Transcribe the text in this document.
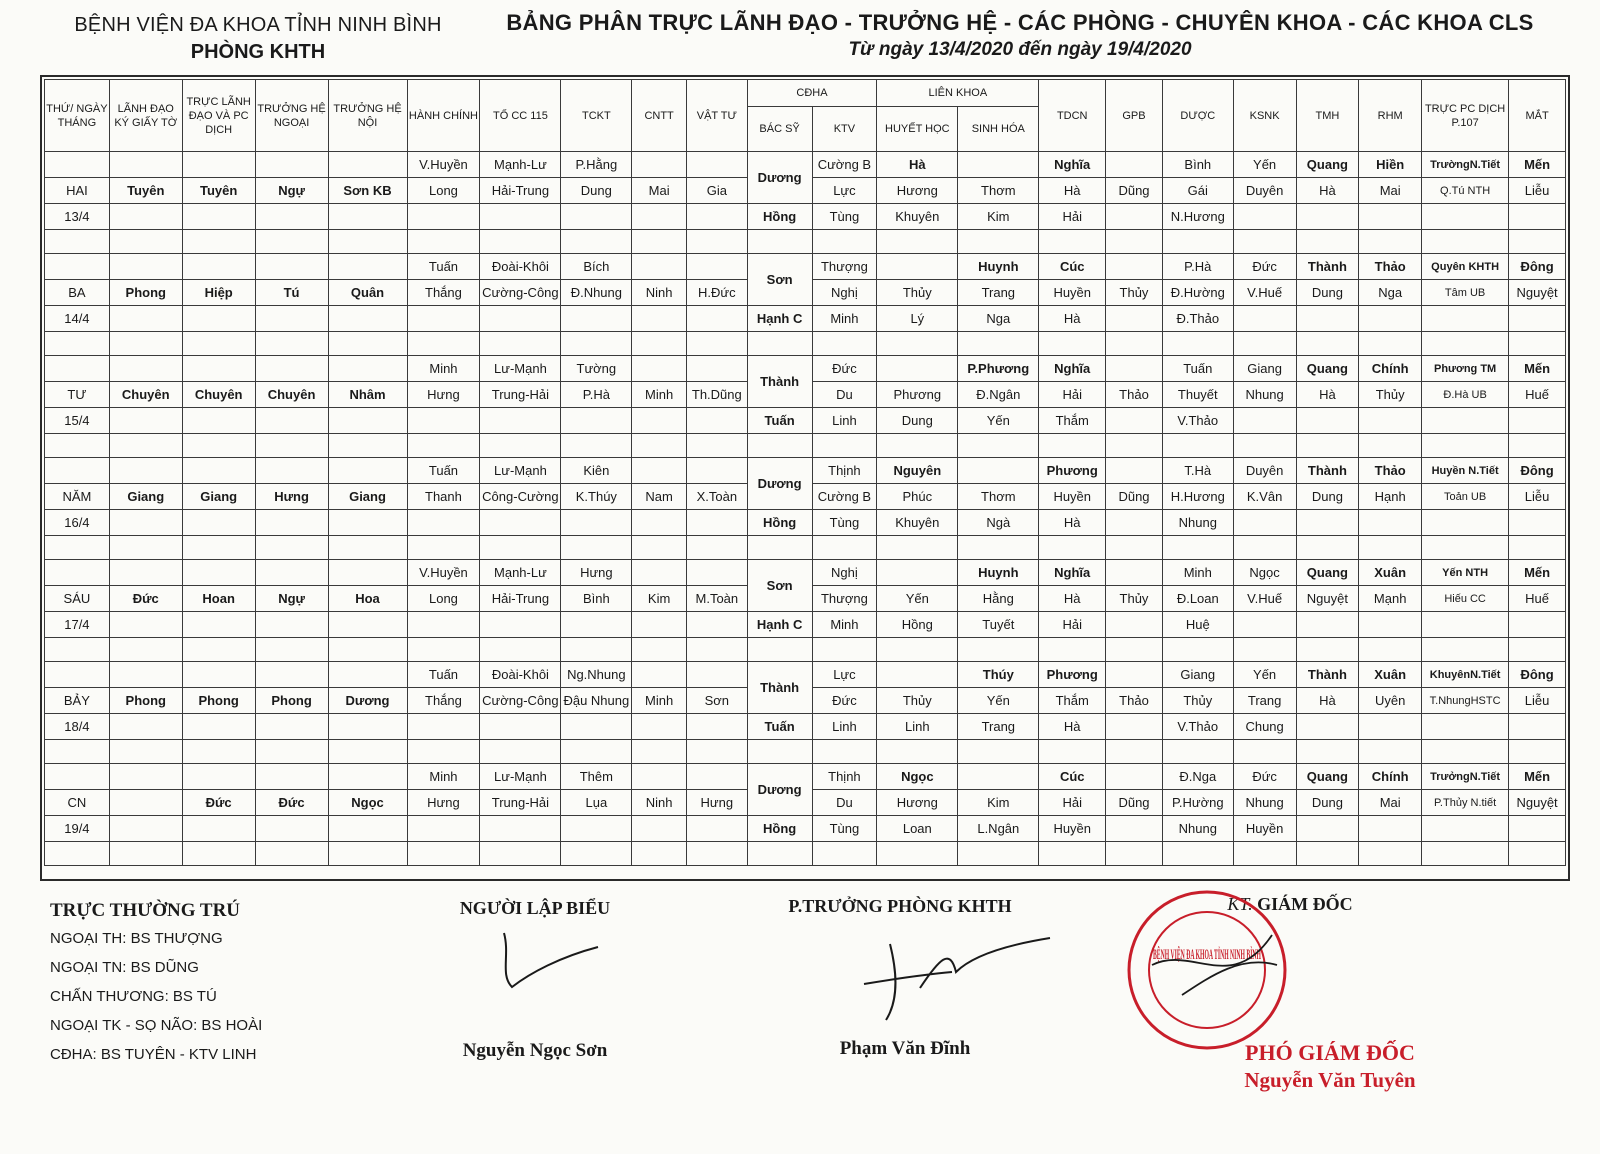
BỆNH VIỆN ĐA KHOA TỈNH NINH BÌNH
PHÒNG KHTH
BẢNG PHÂN TRỰC LÃNH ĐẠO - TRƯỞNG HỆ - CÁC PHÒNG - CHUYÊN KHOA - CÁC KHOA CLS
Từ ngày 13/4/2020 đến ngày 19/4/2020
THỨ/ NGÀY THÁNG	LÃNH ĐẠO KÝ GIẤY TỜ	TRỰC LÃNH ĐẠO VÀ PC DỊCH	TRƯỞNG HỆ NGOẠI	TRƯỞNG HỆ NỘI	HÀNH CHÍNH	TỔ CC 115	TCKT	CNTT	VẬT TƯ	CĐHA		LIÊN KHOA		TDCN	GPB	DƯỢC	KSNK	TMH	RHM	TRỰC PC DỊCH P.107	MẮT
										BÁC SỸ	KTV	HUYẾT HỌC	SINH HÓA								
					V.Huyền	Mạnh-Lư	P.Hằng			Dương	Cường B	Hà		Nghĩa		Bình	Yến	Quang	Hiền	TrườngN.Tiết	Mến
HAI	Tuyên	Tuyên	Ngự	Sơn KB	Long	Hải-Trung	Dung	Mai	Gia		Lực	Hương	Thơm	Hà	Dũng	Gái	Duyên	Hà	Mai	Q.Tú NTH	Liễu
13/4										Hồng	Tùng	Khuyên	Kim	Hải		N.Hương					

					Tuấn	Đoài-Khôi	Bích			Sơn	Thượng		Huynh	Cúc		P.Hà	Đức	Thành	Thảo	Quyên KHTH	Đông
BA	Phong	Hiệp	Tú	Quân	Thắng	Cường-Công	Đ.Nhung	Ninh	H.Đức		Nghị	Thủy	Trang	Huyền	Thủy	Đ.Hường	V.Huế	Dung	Nga	Tâm UB	Nguyệt
14/4										Hạnh C	Minh	Lý	Nga	Hà		Đ.Thảo					

					Minh	Lư-Mạnh	Tường			Thành	Đức		P.Phương	Nghĩa		Tuấn	Giang	Quang	Chính	Phương TM	Mến
TƯ	Chuyên	Chuyên	Chuyên	Nhâm	Hưng	Trung-Hải	P.Hà	Minh	Th.Dũng		Du	Phương	Đ.Ngân	Hải	Thảo	Thuyết	Nhung	Hà	Thủy	Đ.Hà UB	Huế
15/4										Tuấn	Linh	Dung	Yến	Thắm		V.Thảo					

					Tuấn	Lư-Mạnh	Kiên			Dương	Thịnh	Nguyên		Phương		T.Hà	Duyên	Thành	Thảo	Huyền N.Tiết	Đông
NĂM	Giang	Giang	Hưng	Giang	Thanh	Công-Cường	K.Thúy	Nam	X.Toàn		Cường B	Phúc	Thơm	Huyền	Dũng	H.Hương	K.Vân	Dung	Hạnh	Toản UB	Liễu
16/4										Hồng	Tùng	Khuyên	Ngà	Hà		Nhung					

					V.Huyền	Mạnh-Lư	Hưng			Sơn	Nghị		Huynh	Nghĩa		Minh	Ngọc	Quang	Xuân	Yến NTH	Mến
SÁU	Đức	Hoan	Ngự	Hoa	Long	Hải-Trung	Bình	Kim	M.Toàn		Thượng	Yến	Hằng	Hà	Thủy	Đ.Loan	V.Huế	Nguyệt	Mạnh	Hiếu CC	Huế
17/4										Hạnh C	Minh	Hồng	Tuyết	Hải		Huệ					

					Tuấn	Đoài-Khôi	Ng.Nhung			Thành	Lực		Thúy	Phương		Giang	Yến	Thành	Xuân	KhuyênN.Tiết	Đông
BẢY	Phong	Phong	Phong	Dương	Thắng	Cường-Công	Đậu Nhung	Minh	Sơn		Đức	Thủy	Yến	Thắm	Thảo	Thủy	Trang	Hà	Uyên	T.NhungHSTC	Liễu
18/4										Tuấn	Linh	Linh	Trang	Hà		V.Thảo	Chung				

					Minh	Lư-Mạnh	Thêm			Dương	Thịnh	Ngọc		Cúc		Đ.Nga	Đức	Quang	Chính	TrưởngN.Tiết	Mến
CN		Đức	Đức	Ngọc	Hưng	Trung-Hải	Lụa	Ninh	Hưng		Du	Hương	Kim	Hải	Dũng	P.Hường	Nhung	Dung	Mai	P.Thủy N.tiết	Nguyệt
19/4										Hồng	Tùng	Loan	L.Ngân	Huyền		Nhung	Huyền				

TRỰC THƯỜNG TRÚ
NGOẠI TH: BS THƯỢNG
NGOẠI TN: BS DŨNG
CHẤN THƯƠNG: BS TÚ
NGOẠI TK - SỌ NÃO: BS HOÀI
CĐHA: BS TUYÊN - KTV LINH
NGƯỜI LẬP BIỂU
Nguyễn Ngọc Sơn
P.TRƯỞNG PHÒNG KHTH
Phạm Văn Đĩnh
KT. GIÁM ĐỐC
BỆNH VIỆN ĐA KHOA TỈNH NINH BÌNH
PHÓ GIÁM ĐỐC
Nguyễn Văn Tuyên
